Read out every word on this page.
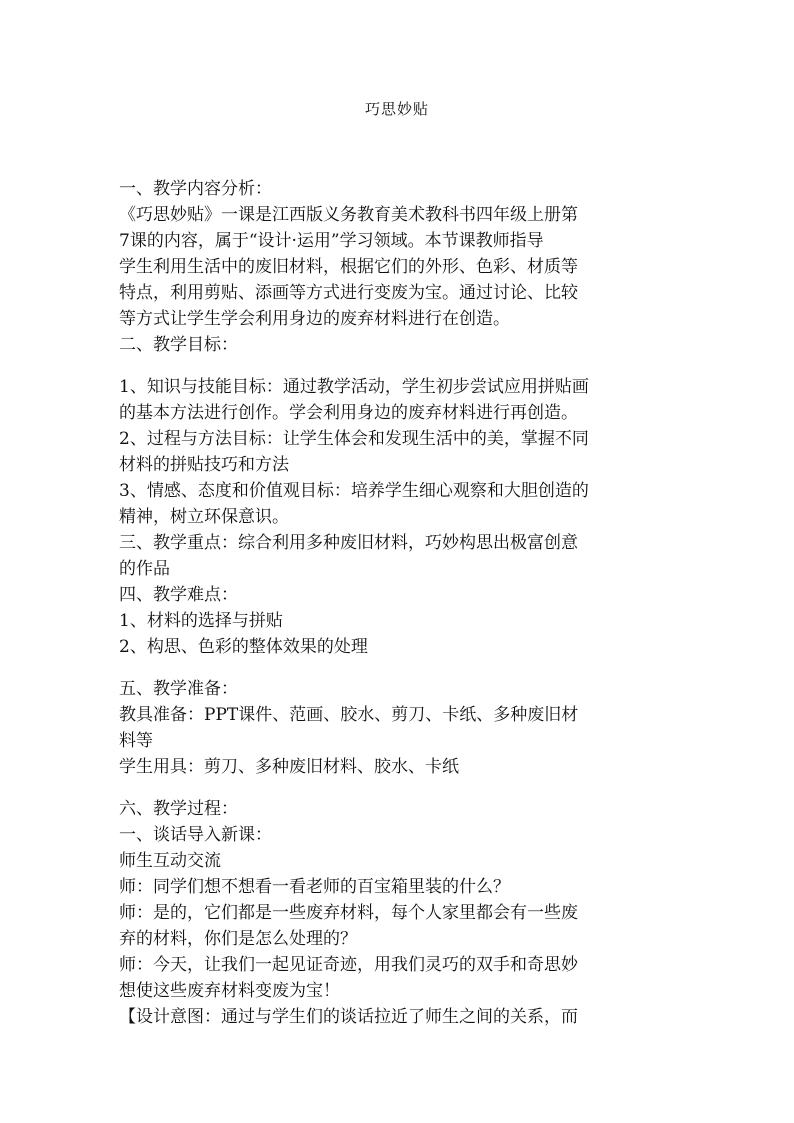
巧思妙贴
一、教学内容分析：
《巧思妙贴》一课是江西版义务教育美术教科书四年级上册第
7课的内容，属于“设计·运用”学习领域。本节课教师指导
学生利用生活中的废旧材料，根据它们的外形、色彩、材质等
特点，利用剪贴、添画等方式进行变废为宝。通过讨论、比较
等方式让学生学会利用身边的废弃材料进行在创造。
二、教学目标：
1、知识与技能目标：通过教学活动，学生初步尝试应用拼贴画
的基本方法进行创作。学会利用身边的废弃材料进行再创造。
2、过程与方法目标：让学生体会和发现生活中的美，掌握不同
材料的拼贴技巧和方法
3、情感、态度和价值观目标：培养学生细心观察和大胆创造的
精神，树立环保意识。
三、教学重点：综合利用多种废旧材料，巧妙构思出极富创意
的作品
四、教学难点：
1、材料的选择与拼贴
2、构思、色彩的整体效果的处理
五、教学准备：
教具准备：PPT课件、范画、胶水、剪刀、卡纸、多种废旧材
料等
学生用具：剪刀、多种废旧材料、胶水、卡纸
六、教学过程：
一、谈话导入新课：
师生互动交流
师：同学们想不想看一看老师的百宝箱里装的什么？
师：是的，它们都是一些废弃材料，每个人家里都会有一些废
弃的材料，你们是怎么处理的？
师：今天，让我们一起见证奇迹，用我们灵巧的双手和奇思妙
想使这些废弃材料变废为宝！
【设计意图：通过与学生们的谈话拉近了师生之间的关系，而
